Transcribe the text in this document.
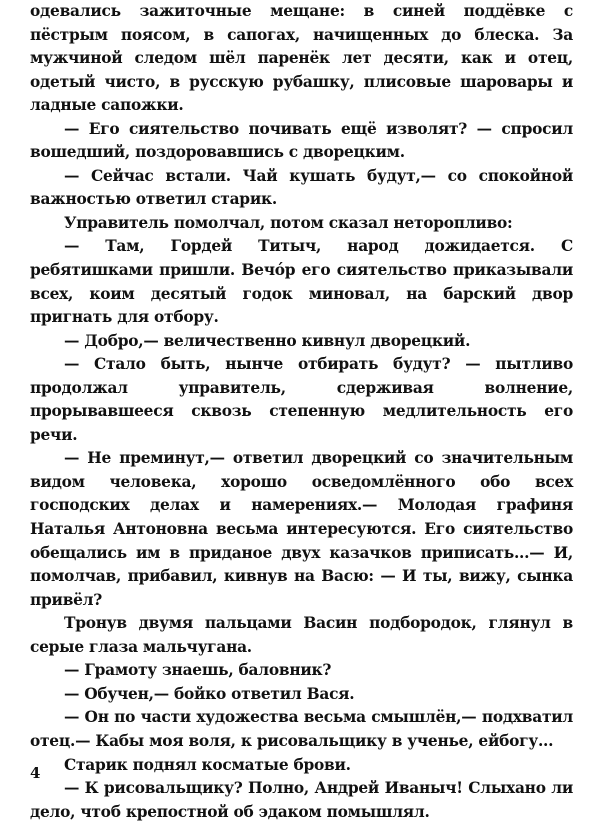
одевались зажиточные мещане: в синей поддёвке с пёстрым поясом, в сапогах, начищенных до блеска. За мужчиной следом шёл паренёк лет десяти, как и отец, одетый чисто, в русскую рубашку, плисовые шаровары и ладные сапожки.

— Его сиятельство почивать ещё изволят? — спросил вошедший, поздоровавшись с дворецким.

— Сейчас встали. Чай кушать будут,— со спокойной важностью ответил старик.

Управитель помолчал, потом сказал неторопливо:

— Там, Гордей Титыч, народ дожидается. С ребятишками пришли. Вечóр его сиятельство приказывали всех, коим десятый годок миновал, на барский двор пригнать для отбору.

— Добро,— величественно кивнул дворецкий.

— Стало быть, нынче отбирать будут? — пытливо продолжал управитель, сдерживая волнение, прорывавшееся сквозь степенную медлительность его речи.

— Не преминут,— ответил дворецкий со значительным видом человека, хорошо осведомлённого обо всех господских делах и намерениях.— Молодая графиня Наталья Антоновна весьма интересуются. Его сиятельство обещались им в приданое двух казачков приписать...— И, помолчав, прибавил, кивнув на Васю: — И ты, вижу, сынка привёл?

Тронув двумя пальцами Васин подбородок, глянул в серые глаза мальчугана.

— Грамоту знаешь, баловник?

— Обучен,— бойко ответил Вася.

— Он по части художества весьма смышлён,— подхватил отец.— Кабы моя воля, к рисовальщику в ученье, ейбогу...

Старик поднял косматые брови.

— К рисовальщику? Полно, Андрей Иваныч! Слыхано ли дело, чтоб крепостной об эдаком помышлял.

4
